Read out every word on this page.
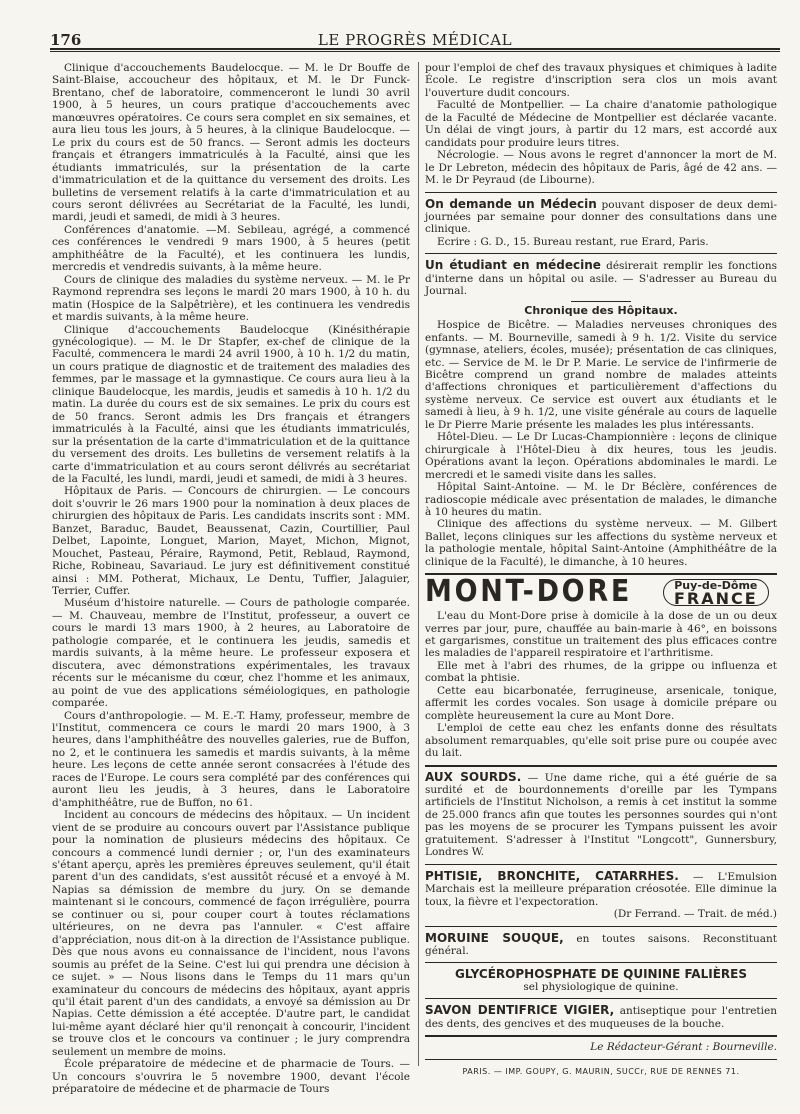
176	LE PROGRÈS MÉDICAL

Clinique d'accouchements Baudelocque. — M. le Dr Bouffe de Saint-Blaise, accoucheur des hôpitaux, et M. le Dr Funck-Brentano, chef de laboratoire, commenceront le lundi 30 avril 1900, à 5 heures, un cours pratique d'accouchements avec manœuvres opératoires. Ce cours sera complet en six semaines, et aura lieu tous les jours, à 5 heures, à la clinique Baudelocque. — Le prix du cours est de 50 francs. — Seront admis les docteurs français et étrangers immatriculés à la Faculté, ainsi que les étudiants immatriculés, sur la présentation de la carte d'immatriculation et de la quittance du versement des droits. Les bulletins de versement relatifs à la carte d'immatriculation et au cours seront délivrées au Secrétariat de la Faculté, les lundi, mardi, jeudi et samedi, de midi à 3 heures.

Conférences d'anatomie. —M. Sebileau, agrégé, a commencé ces conférences le vendredi 9 mars 1900, à 5 heures (petit amphithéâtre de la Faculté), et les continuera les lundis, mercredis et vendredis suivants, à la même heure.

Cours de clinique des maladies du système nerveux. — M. le Pr Raymond reprendra ses leçons le mardi 20 mars 1900, à 10 h. du matin (Hospice de la Salpêtrière), et les continuera les vendredis et mardis suivants, à la même heure.

Clinique d'accouchements Baudelocque (Kinésithérapie gynécologique). — M. le Dr Stapfer, ex-chef de clinique de la Faculté, commencera le mardi 24 avril 1900, à 10 h. 1/2 du matin, un cours pratique de diagnostic et de traitement des maladies des femmes, par le massage et la gymnastique. Ce cours aura lieu à la clinique Baudelocque, les mardis, jeudis et samedis à 10 h. 1/2 du matin. La durée du cours est de six semaines. Le prix du cours est de 50 francs. Seront admis les Drs français et étrangers immatriculés à la Faculté, ainsi que les étudiants immatriculés, sur la présentation de la carte d'immatriculation et de la quittance du versement des droits. Les bulletins de versement relatifs à la carte d'immatriculation et au cours seront délivrés au secrétariat de la Faculté, les lundi, mardi, jeudi et samedi, de midi à 3 heures.

Hôpitaux de Paris. — Concours de chirurgien. — Le concours doit s'ouvrir le 26 mars 1900 pour la nomination à deux places de chirurgien des hôpitaux de Paris. Les candidats inscrits sont : MM. Banzet, Baraduc, Baudet, Beaussenat, Cazin, Courtillier, Paul Delbet, Lapointe, Longuet, Marion, Mayet, Michon, Mignot, Mouchet, Pasteau, Péraire, Raymond, Petit, Reblaud, Raymond, Riche, Robineau, Savariaud. Le jury est définitivement constitué ainsi : MM. Potherat, Michaux, Le Dentu, Tuffier, Jalaguier, Terrier, Cuffer.

Muséum d'histoire naturelle. — Cours de pathologie comparée. — M. Chauveau, membre de l'Institut, professeur, a ouvert ce cours le mardi 13 mars 1900, à 2 heures, au Laboratoire de pathologie comparée, et le continuera les jeudis, samedis et mardis suivants, à la même heure. Le professeur exposera et discutera, avec démonstrations expérimentales, les travaux récents sur le mécanisme du cœur, chez l'homme et les animaux, au point de vue des applications séméiologiques, en pathologie comparée.

Cours d'anthropologie. — M. E.-T. Hamy, professeur, membre de l'Institut, commencera ce cours le mardi 20 mars 1900, à 3 heures, dans l'amphithéâtre des nouvelles galeries, rue de Buffon, no 2, et le continuera les samedis et mardis suivants, à la même heure. Les leçons de cette année seront consacrées à l'étude des races de l'Europe. Le cours sera complété par des conférences qui auront lieu les jeudis, à 3 heures, dans le Laboratoire d'amphithéâtre, rue de Buffon, no 61.

Incident au concours de médecins des hôpitaux. — Un incident vient de se produire au concours ouvert par l'Assistance publique pour la nomination de plusieurs médecins des hôpitaux. Ce concours a commencé lundi dernier ; or, l'un des examinateurs s'étant aperçu, après les premières épreuves seulement, qu'il était parent d'un des candidats, s'est aussitôt récusé et a envoyé à M. Napias sa démission de membre du jury. On se demande maintenant si le concours, commencé de façon irrégulière, pourra se continuer ou si, pour couper court à toutes réclamations ultérieures, on ne devra pas l'annuler. « C'est affaire d'appréciation, nous dit-on à la direction de l'Assistance publique. Dès que nous avons eu connaissance de l'incident, nous l'avons soumis au préfet de la Seine. C'est lui qui prendra une décision à ce sujet. » — Nous lisons dans le Temps du 11 mars qu'un examinateur du concours de médecins des hôpitaux, ayant appris qu'il était parent d'un des candidats, a envoyé sa démission au Dr Napias. Cette démission a été acceptée. D'autre part, le candidat lui-même ayant déclaré hier qu'il renonçait à concourir, l'incident se trouve clos et le concours va continuer ; le jury comprendra seulement un membre de moins.

École préparatoire de médecine et de pharmacie de Tours. — Un concours s'ouvrira le 5 novembre 1900, devant l'école préparatoire de médecine et de pharmacie de Tours

pour l'emploi de chef des travaux physiques et chimiques à ladite École. Le registre d'inscription sera clos un mois avant l'ouverture dudit concours.

Faculté de Montpellier. — La chaire d'anatomie pathologique de la Faculté de Médecine de Montpellier est déclarée vacante. Un délai de vingt jours, à partir du 12 mars, est accordé aux candidats pour produire leurs titres.

Nécrologie. — Nous avons le regret d'annoncer la mort de M. le Dr Lebreton, médecin des hôpitaux de Paris, âgé de 42 ans. — M. le Dr Peyraud (de Libourne).

On demande un Médecin pouvant disposer de deux demi-journées par semaine pour donner des consultations dans une clinique.

Ecrire : G. D., 15. Bureau restant, rue Erard, Paris.

Un étudiant en médecine désirerait remplir les fonctions d'interne dans un hôpital ou asile. — S'adresser au Bureau du Journal.

Chronique des Hôpitaux.

Hospice de Bicêtre. — Maladies nerveuses chroniques des enfants. — M. Bourneville, samedi à 9 h. 1/2. Visite du service (gymnase, ateliers, écoles, musée); présentation de cas cliniques, etc. — Service de M. le Dr P. Marie. Le service de l'infirmerie de Bicêtre comprend un grand nombre de malades atteints d'affections chroniques et particulièrement d'affections du système nerveux. Ce service est ouvert aux étudiants et le samedi à lieu, à 9 h. 1/2, une visite générale au cours de laquelle le Dr Pierre Marie présente les malades les plus intéressants.

Hôtel-Dieu. — Le Dr Lucas-Championnière : leçons de clinique chirurgicale à l'Hôtel-Dieu à dix heures, tous les jeudis. Opérations avant la leçon. Opérations abdominales le mardi. Le mercredi et le samedi visite dans les salles.

Hôpital Saint-Antoine. — M. le Dr Béclère, conférences de radioscopie médicale avec présentation de malades, le dimanche à 10 heures du matin.

Clinique des affections du système nerveux. — M. Gilbert Ballet, leçons cliniques sur les affections du système nerveux et la pathologie mentale, hôpital Saint-Antoine (Amphithéâtre de la clinique de la Faculté), le dimanche, à 10 heures.

MONT-DORE	Puy-de-Dôme
FRANCE

L'eau du Mont-Dore prise à domicile à la dose de un ou deux verres par jour, pure, chauffée au bain-marie à 46°, en boissons et gargarismes, constitue un traitement des plus efficaces contre les maladies de l'appareil respiratoire et l'arthritisme.

Elle met à l'abri des rhumes, de la grippe ou influenza et combat la phtisie.

Cette eau bicarbonatée, ferrugineuse, arsenicale, tonique, affermit les cordes vocales. Son usage à domicile prépare ou complète heureusement la cure au Mont Dore.

L'emploi de cette eau chez les enfants donne des résultats absolument remarquables, qu'elle soit prise pure ou coupée avec du lait.

AUX SOURDS. — Une dame riche, qui a été guérie de sa surdité et de bourdonnements d'oreille par les Tympans artificiels de l'Institut Nicholson, a remis à cet institut la somme de 25.000 francs afin que toutes les personnes sourdes qui n'ont pas les moyens de se procurer les Tympans puissent les avoir gratuitement. S'adresser à l'Institut "Longcott", Gunnersbury, Londres W.

PHTISIE, BRONCHITE, CATARRHES. — L'Emulsion Marchais est la meilleure préparation créosotée. Elle diminue la toux, la fièvre et l'expectoration.

(Dr Ferrand. — Trait. de méd.)

MORUINE SOUQUE, en toutes saisons. Reconstituant général.

GLYCÉROPHOSPHATE DE QUININE FALIÈRES
sel physiologique de quinine.

SAVON DENTIFRICE VIGIER, antiseptique pour l'entretien des dents, des gencives et des muqueuses de la bouche.

Le Rédacteur-Gérant : Bourneville.
PARIS. — IMP. GOUPY, G. MAURIN, SUCCr, RUE DE RENNES 71.
